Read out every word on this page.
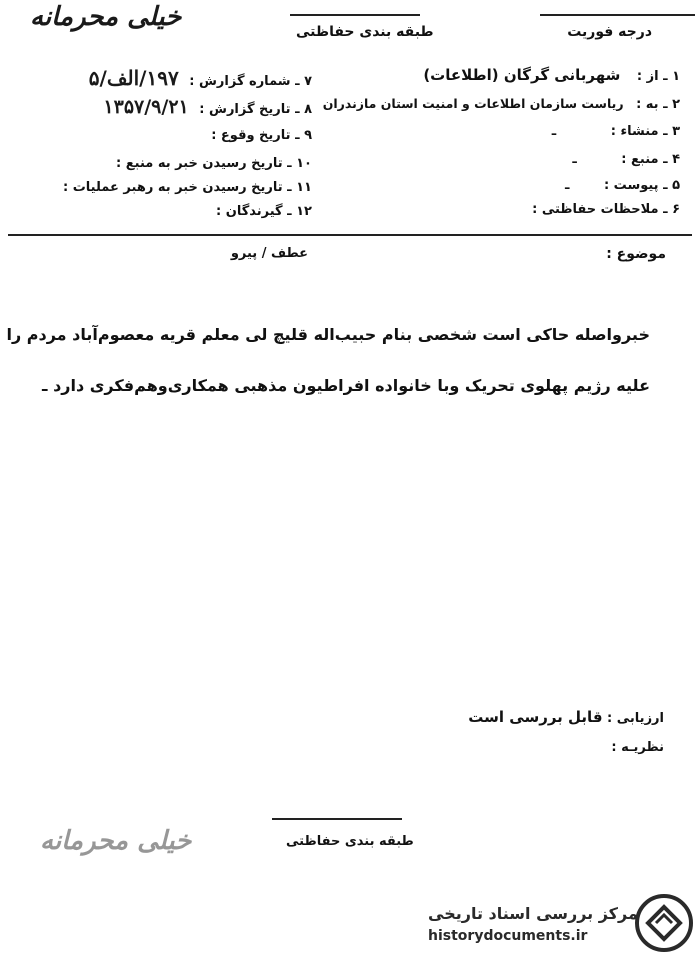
خیلی محرمانه	طبقه بندی حفاظتی	درجه فوریت
۱ ـ از : شهربانی گرگان (اطلاعات)
۲ ـ به : ریاست سازمان اطلاعات و امنیت استان مازندران
۳ ـ منشاء : ـ
۴ ـ منبع : ـ
۵ ـ پیوست : ـ
۶ ـ ملاحظات حفاظتی :
۷ ـ شماره گزارش : ۱۹۷/الف/۵
۸ ـ تاریخ گزارش : ۱۳۵۷/۹/۲۱
۹ ـ تاریخ وقوع :
۱۰ ـ تاریخ رسیدن خبر به منبع :
۱۱ ـ تاریخ رسیدن خبر به رهبر عملیات :
۱۲ ـ گیرندگان :
موضوع :
عطف / پیرو
خبرواصله حاکی است شخصی بنام حبیب‌اله قلیچ لی معلم قریه معصوم‌آباد مردم را
علیه رژیم پهلوی تحریک وبا خانواده افراطیون مذهبی همکاری‌وهم‌فکری دارد ـ
ارزیابی : قابل بررسی است
نظریـه :
طبقه بندی حفاظتی
خیلی محرمانه
مرکز بررسی اسناد تاریخی
historydocuments.ir
